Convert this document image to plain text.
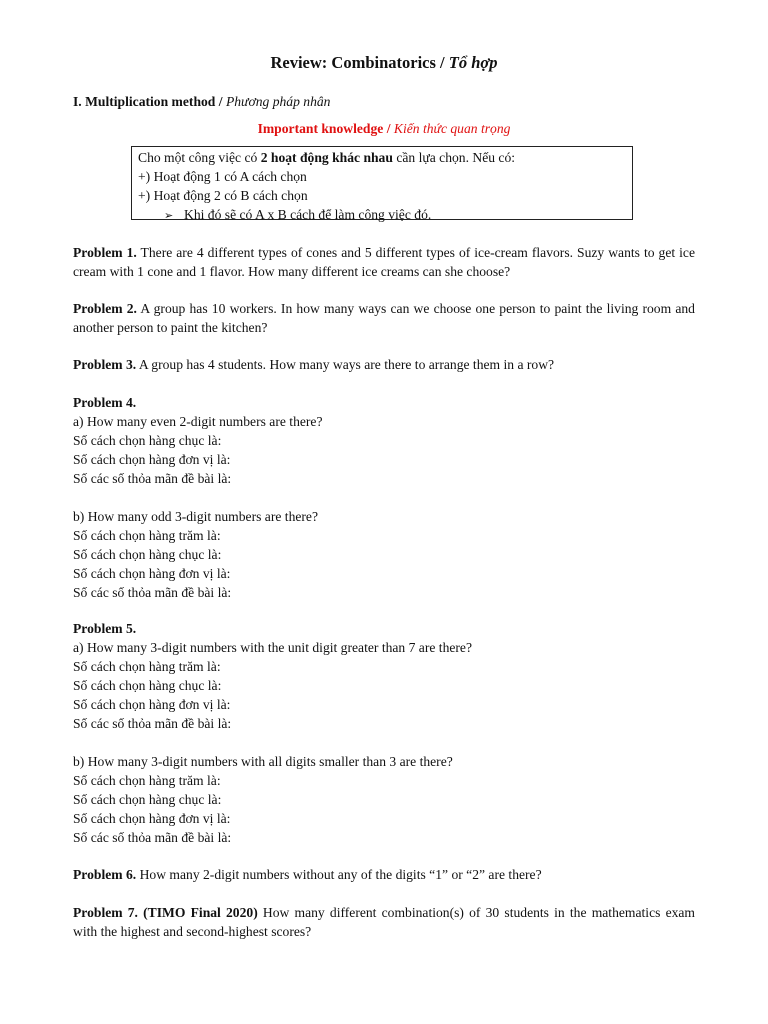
Review: Combinatorics / Tổ hợp
I. Multiplication method / Phương pháp nhân
Important knowledge / Kiến thức quan trọng
Cho một công việc có 2 hoạt động khác nhau cần lựa chọn. Nếu có:
+) Hoạt động 1 có A cách chọn
+) Hoạt động 2 có B cách chọn
➢ Khi đó sẽ có A x B cách để làm công việc đó.
Problem 1. There are 4 different types of cones and 5 different types of ice-cream flavors. Suzy wants to get ice cream with 1 cone and 1 flavor. How many different ice creams can she choose?
Problem 2. A group has 10 workers. In how many ways can we choose one person to paint the living room and another person to paint the kitchen?
Problem 3. A group has 4 students. How many ways are there to arrange them in a row?
Problem 4.
a) How many even 2-digit numbers are there?
Số cách chọn hàng chục là:
Số cách chọn hàng đơn vị là:
Số các số thỏa mãn đề bài là:
b) How many odd 3-digit numbers are there?
Số cách chọn hàng trăm là:
Số cách chọn hàng chục là:
Số cách chọn hàng đơn vị là:
Số các số thỏa mãn đề bài là:
Problem 5.
a) How many 3-digit numbers with the unit digit greater than 7 are there?
Số cách chọn hàng trăm là:
Số cách chọn hàng chục là:
Số cách chọn hàng đơn vị là:
Số các số thỏa mãn đề bài là:
b) How many 3-digit numbers with all digits smaller than 3 are there?
Số cách chọn hàng trăm là:
Số cách chọn hàng chục là:
Số cách chọn hàng đơn vị là:
Số các số thỏa mãn đề bài là:
Problem 6. How many 2-digit numbers without any of the digits “1” or “2” are there?
Problem 7. (TIMO Final 2020) How many different combination(s) of 30 students in the mathematics exam with the highest and second-highest scores?
